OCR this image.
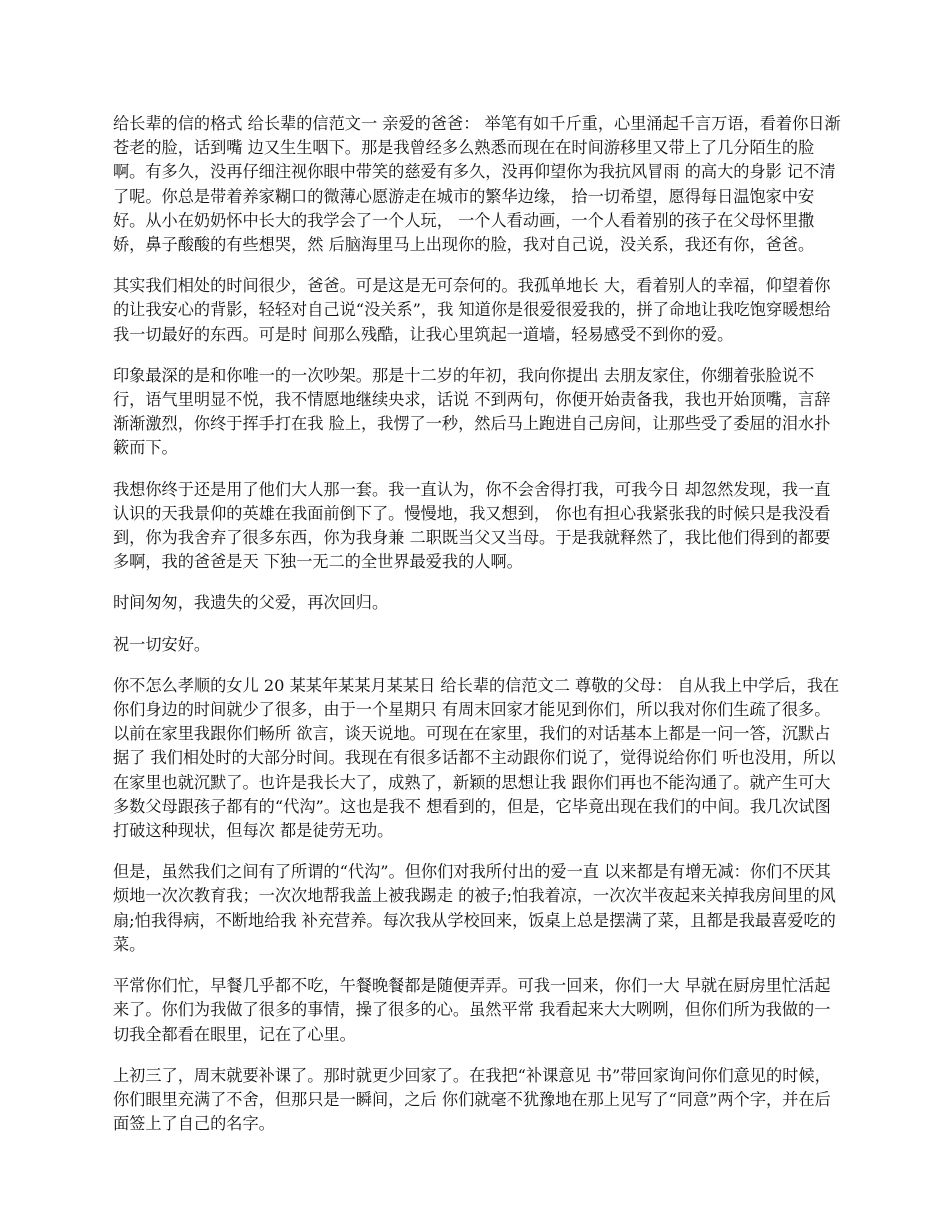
给长辈的信的格式 给长辈的信范文一 亲爱的爸爸： 举笔有如千斤重，心里涌起千言万语，看着你日渐苍老的脸，话到嘴 边又生生咽下。那是我曾经多么熟悉而现在在时间游移里又带上了几分陌生的脸 啊。有多久，没再仔细注视你眼中带笑的慈爱有多久，没再仰望你为我抗风冒雨 的高大的身影 记不清了呢。你总是带着养家糊口的微薄心愿游走在城市的繁华边缘， 拾一切希望，愿得每日温饱家中安好。从小在奶奶怀中长大的我学会了一个人玩， 一个人看动画，一个人看着别的孩子在父母怀里撒娇，鼻子酸酸的有些想哭，然 后脑海里马上出现你的脸，我对自己说，没关系，我还有你，爸爸。

其实我们相处的时间很少，爸爸。可是这是无可奈何的。我孤单地长 大，看着别人的幸福，仰望着你的让我安心的背影，轻轻对自己说“没关系”，我 知道你是很爱很爱我的，拼了命地让我吃饱穿暖想给我一切最好的东西。可是时 间那么残酷，让我心里筑起一道墙，轻易感受不到你的爱。

印象最深的是和你唯一的一次吵架。那是十二岁的年初，我向你提出 去朋友家住，你绷着张脸说不行，语气里明显不悦，我不情愿地继续央求，话说 不到两句，你便开始责备我，我也开始顶嘴，言辞渐渐激烈，你终于挥手打在我 脸上，我愣了一秒，然后马上跑进自己房间，让那些受了委屈的泪水扑簌而下。

我想你终于还是用了他们大人那一套。我一直认为，你不会舍得打我，可我今日 却忽然发现，我一直认识的天我景仰的英雄在我面前倒下了。慢慢地，我又想到， 你也有担心我紧张我的时候只是我没看到，你为我舍弃了很多东西，你为我身兼 二职既当父又当母。于是我就释然了，我比他们得到的都要多啊，我的爸爸是天 下独一无二的全世界最爱我的人啊。

时间匆匆，我遗失的父爱，再次回归。

祝一切安好。

你不怎么孝顺的女儿 20 某某年某某月某某日 给长辈的信范文二 尊敬的父母： 自从我上中学后，我在你们身边的时间就少了很多，由于一个星期只 有周末回家才能见到你们，所以我对你们生疏了很多。以前在家里我跟你们畅所 欲言，谈天说地。可现在在家里，我们的对话基本上都是一问一答，沉默占据了 我们相处时的大部分时间。我现在有很多话都不主动跟你们说了，觉得说给你们 听也没用，所以在家里也就沉默了。也许是我长大了，成熟了，新颖的思想让我 跟你们再也不能沟通了。就产生可大多数父母跟孩子都有的“代沟”。这也是我不 想看到的，但是，它毕竟出现在我们的中间。我几次试图打破这种现状，但每次 都是徒劳无功。

但是，虽然我们之间有了所谓的“代沟”。但你们对我所付出的爱一直 以来都是有增无减：你们不厌其烦地一次次教育我；一次次地帮我盖上被我踢走 的被子;怕我着凉，一次次半夜起来关掉我房间里的风扇;怕我得病，不断地给我 补充营养。每次我从学校回来，饭桌上总是摆满了菜，且都是我最喜爱吃的菜。

平常你们忙，早餐几乎都不吃，午餐晚餐都是随便弄弄。可我一回来，你们一大 早就在厨房里忙活起来了。你们为我做了很多的事情，操了很多的心。虽然平常 我看起来大大咧咧，但你们所为我做的一切我全都看在眼里，记在了心里。

上初三了，周末就要补课了。那时就更少回家了。在我把“补课意见 书”带回家询问你们意见的时候，你们眼里充满了不舍，但那只是一瞬间，之后 你们就毫不犹豫地在那上见写了“同意”两个字，并在后面签上了自己的名字。
